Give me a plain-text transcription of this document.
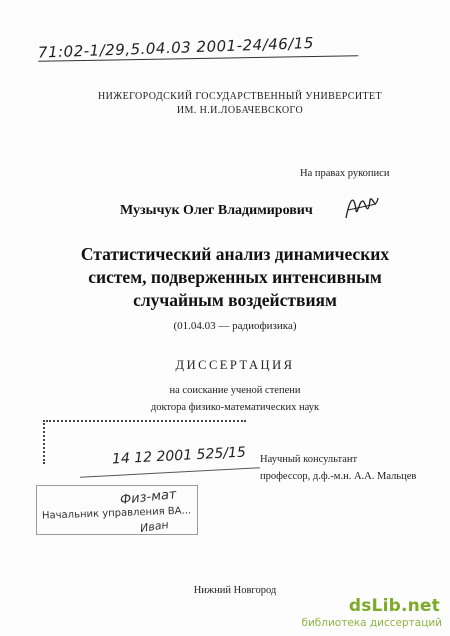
71:02-1/29,5.04.03 2001-24/46/15
НИЖЕГОРОДСКИЙ ГОСУДАРСТВЕННЫЙ УНИВЕРСИТЕТ
ИМ. Н.И.ЛОБАЧЕВСКОГО
На правах рукописи
Музычук Олег Владимирович
Статистический анализ динамических
систем, подверженных интенсивным
случайным воздействиям
(01.04.03 — радиофизика)
ДИССЕРТАЦИЯ
на соискание ученой степени
доктора физико-математических наук
14 12 2001 525/15
Физ-мат
Начальник управления ВА...
Иван
Научный консультант
профессор, д.ф.-м.н. А.А. Мальцев
Нижний Новгород
dsLib.net
библиотека диссертаций
